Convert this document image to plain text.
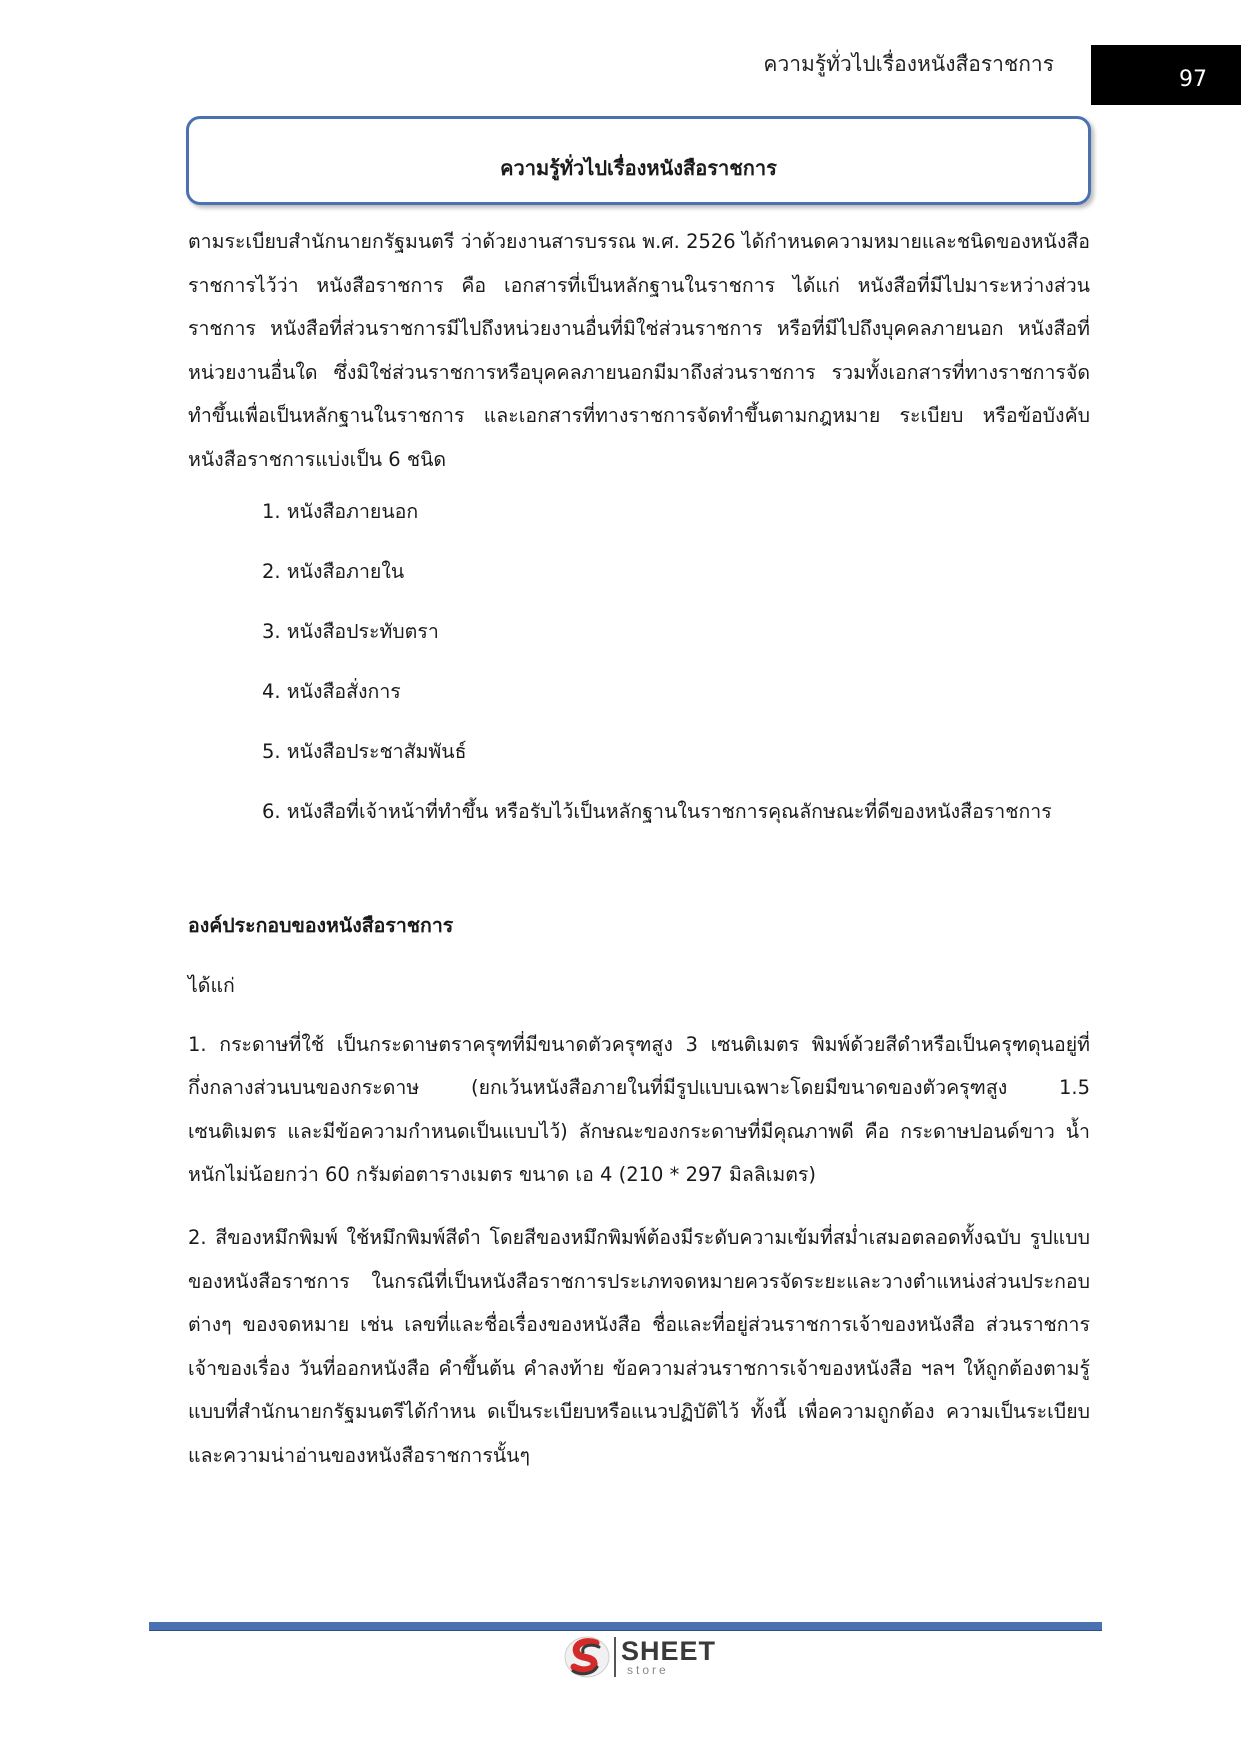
ความรู้ทั่วไปเรื่องหนังสือราชการ
97
ความรู้ทั่วไปเรื่องหนังสือราชการ

ตามระเบียบสำนักนายกรัฐมนตรี ว่าด้วยงานสารบรรณ พ.ศ. 2526 ได้กำหนดความหมายและชนิดของหนังสือราชการไว้ว่า หนังสือราชการ คือ เอกสารที่เป็นหลักฐานในราชการ ได้แก่ หนังสือที่มีไปมาระหว่างส่วนราชการ หนังสือที่ส่วนราชการมีไปถึงหน่วยงานอื่นที่มิใช่ส่วนราชการ หรือที่มีไปถึงบุคคลภายนอก หนังสือที่หน่วยงานอื่นใด ซึ่งมิใช่ส่วนราชการหรือบุคคลภายนอกมีมาถึงส่วนราชการ รวมทั้งเอกสารที่ทางราชการจัดทำขึ้นเพื่อเป็นหลักฐานในราชการ และเอกสารที่ทางราชการจัดทำขึ้นตามกฎหมาย ระเบียบ หรือข้อบังคับ หนังสือราชการแบ่งเป็น 6 ชนิด

1. หนังสือภายนอก
2. หนังสือภายใน
3. หนังสือประทับตรา
4. หนังสือสั่งการ
5. หนังสือประชาสัมพันธ์
6. หนังสือที่เจ้าหน้าที่ทำขึ้น หรือรับไว้เป็นหลักฐานในราชการคุณลักษณะที่ดีของหนังสือราชการ

องค์ประกอบของหนังสือราชการ

ได้แก่

1. กระดาษที่ใช้ เป็นกระดาษตราครุฑที่มีขนาดตัวครุฑสูง 3 เซนติเมตร พิมพ์ด้วยสีดำหรือเป็นครุฑดุนอยู่ที่กึ่งกลางส่วนบนของกระดาษ (ยกเว้นหนังสือภายในที่มีรูปแบบเฉพาะโดยมีขนาดของตัวครุฑสูง 1.5 เซนติเมตร และมีข้อความกำหนดเป็นแบบไว้) ลักษณะของกระดาษที่มีคุณภาพดี คือ กระดาษปอนด์ขาว น้ำหนักไม่น้อยกว่า 60 กรัมต่อตารางเมตร ขนาด เอ 4 (210 * 297 มิลลิเมตร)

2. สีของหมึกพิมพ์ ใช้หมึกพิมพ์สีดำ โดยสีของหมึกพิมพ์ต้องมีระดับความเข้มที่สม่ำเสมอตลอดทั้งฉบับ รูปแบบของหนังสือราชการ ในกรณีที่เป็นหนังสือราชการประเภทจดหมายควรจัดระยะและวางตำแหน่งส่วนประกอบต่างๆ ของจดหมาย เช่น เลขที่และชื่อเรื่องของหนังสือ ชื่อและที่อยู่ส่วนราชการเจ้าของหนังสือ ส่วนราชการเจ้าของเรื่อง วันที่ออกหนังสือ คำขึ้นต้น คำลงท้าย ข้อความส่วนราชการเจ้าของหนังสือ ฯลฯ ให้ถูกต้องตามรู้แบบที่สำนักนายกรัฐมนตรีได้กำหน ดเป็นระเบียบหรือแนวปฏิบัติไว้ ทั้งนี้ เพื่อความถูกต้อง ความเป็นระเบียบ และความน่าอ่านของหนังสือราชการนั้นๆ

SHEET
store
